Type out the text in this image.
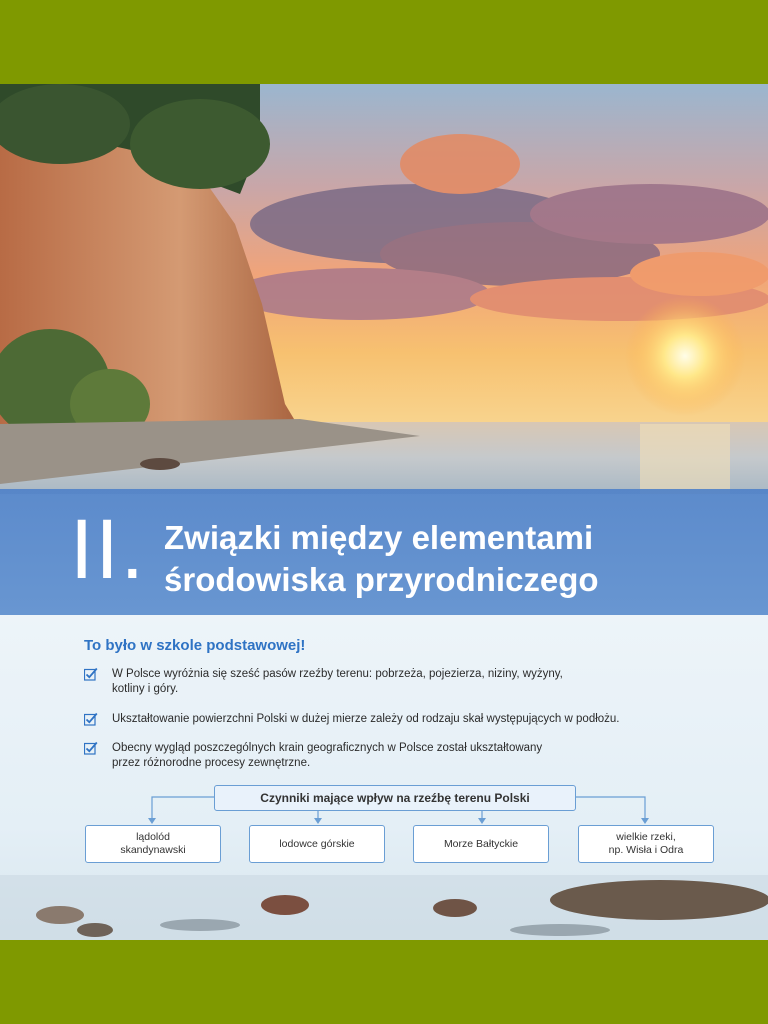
II. Związki między elementami
środowiska przyrodniczego
To było w szkole podstawowej!
W Polsce wyróżnia się sześć pasów rzeźby terenu: pobrzeża, pojezierza, niziny, wyżyny,
kotliny i góry.
Ukształtowanie powierzchni Polski w dużej mierze zależy od rodzaju skał występujących w podłożu.
Obecny wygląd poszczególnych krain geograficznych w Polsce został ukształtowany
przez różnorodne procesy zewnętrzne.
Czynniki mające wpływ na rzeźbę terenu Polski
lądolód
skandynawski
lodowce górskie	Morze Bałtyckie
wielkie rzeki,
np. Wisła i Odra
